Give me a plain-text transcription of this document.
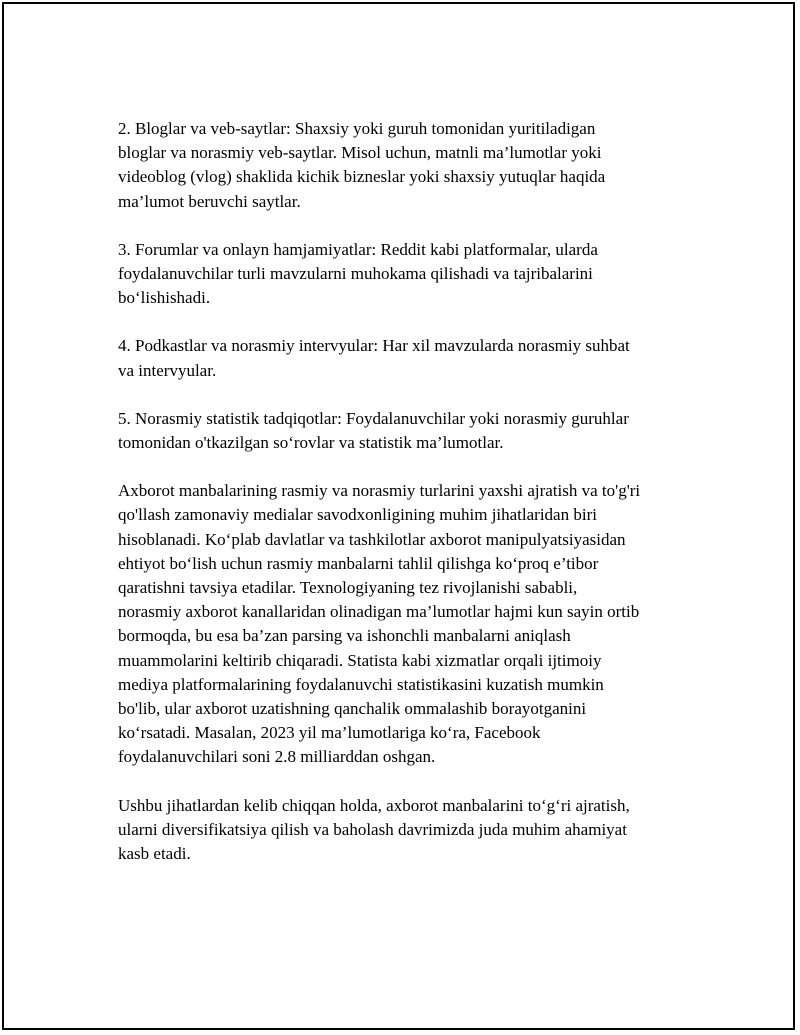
2. Bloglar va veb-saytlar: Shaxsiy yoki guruh tomonidan yuritiladigan
bloglar va norasmiy veb-saytlar. Misol uchun, matnli ma’lumotlar yoki
videoblog (vlog) shaklida kichik bizneslar yoki shaxsiy yutuqlar haqida
ma’lumot beruvchi saytlar.

3. Forumlar va onlayn hamjamiyatlar: Reddit kabi platformalar, ularda
foydalanuvchilar turli mavzularni muhokama qilishadi va tajribalarini
bo‘lishishadi.

4. Podkastlar va norasmiy intervyular: Har xil mavzularda norasmiy suhbat
va intervyular.

5. Norasmiy statistik tadqiqotlar: Foydalanuvchilar yoki norasmiy guruhlar
tomonidan o'tkazilgan so‘rovlar va statistik ma’lumotlar.

Axborot manbalarining rasmiy va norasmiy turlarini yaxshi ajratish va to'g'ri
qo'llash zamonaviy medialar savodxonligining muhim jihatlaridan biri
hisoblanadi. Ko‘plab davlatlar va tashkilotlar axborot manipulyatsiyasidan
ehtiyot bo‘lish uchun rasmiy manbalarni tahlil qilishga ko‘proq e’tibor
qaratishni tavsiya etadilar. Texnologiyaning tez rivojlanishi sababli,
norasmiy axborot kanallaridan olinadigan ma’lumotlar hajmi kun sayin ortib
bormoqda, bu esa ba’zan parsing va ishonchli manbalarni aniqlash
muammolarini keltirib chiqaradi. Statista kabi xizmatlar orqali ijtimoiy
mediya platformalarining foydalanuvchi statistikasini kuzatish mumkin
bo'lib, ular axborot uzatishning qanchalik ommalashib borayotganini
ko‘rsatadi. Masalan, 2023 yil ma’lumotlariga ko‘ra, Facebook
foydalanuvchilari soni 2.8 milliarddan oshgan.

Ushbu jihatlardan kelib chiqqan holda, axborot manbalarini to‘g‘ri ajratish,
ularni diversifikatsiya qilish va baholash davrimizda juda muhim ahamiyat
kasb etadi.
